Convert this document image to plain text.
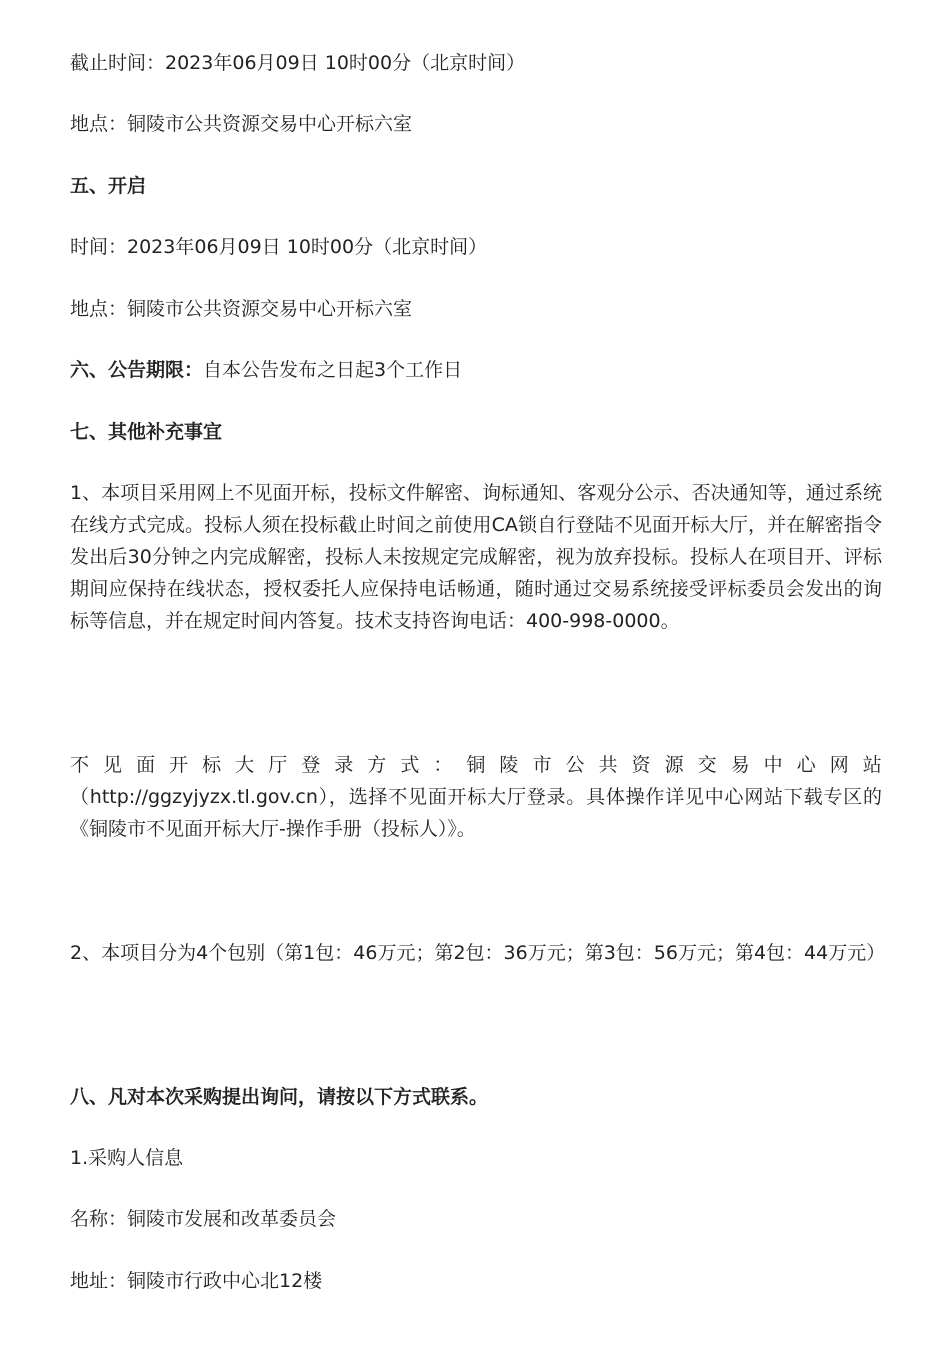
截止时间：2023年06月09日 10时00分（北京时间）

地点：铜陵市公共资源交易中心开标六室

五、开启

时间：2023年06月09日 10时00分（北京时间）

地点：铜陵市公共资源交易中心开标六室

六、公告期限：自本公告发布之日起3个工作日

七、其他补充事宜

1、本项目采用网上不见面开标，投标文件解密、询标通知、客观分公示、否决通知等，通过系统在线方式完成。投标人须在投标截止时间之前使用CA锁自行登陆不见面开标大厅，并在解密指令发出后30分钟之内完成解密，投标人未按规定完成解密，视为放弃投标。投标人在项目开、评标期间应保持在线状态，授权委托人应保持电话畅通，随时通过交易系统接受评标委员会发出的询标等信息，并在规定时间内答复。技术支持咨询电话：400-998-0000。

不 见 面 开 标 大 厅 登 录 方 式 ： 铜 陵 市 公 共 资 源 交 易 中 心 网 站
（http://ggzyjyzx.tl.gov.cn），选择不见面开标大厅登录。具体操作详见中心网站下载专区的《铜陵市不见面开标大厅-操作手册（投标人）》。

2、本项目分为4个包别（第1包：46万元；第2包：36万元；第3包：56万元；第4包：44万元）

八、凡对本次采购提出询问，请按以下方式联系。

1.采购人信息

名称：铜陵市发展和改革委员会

地址：铜陵市行政中心北12楼
